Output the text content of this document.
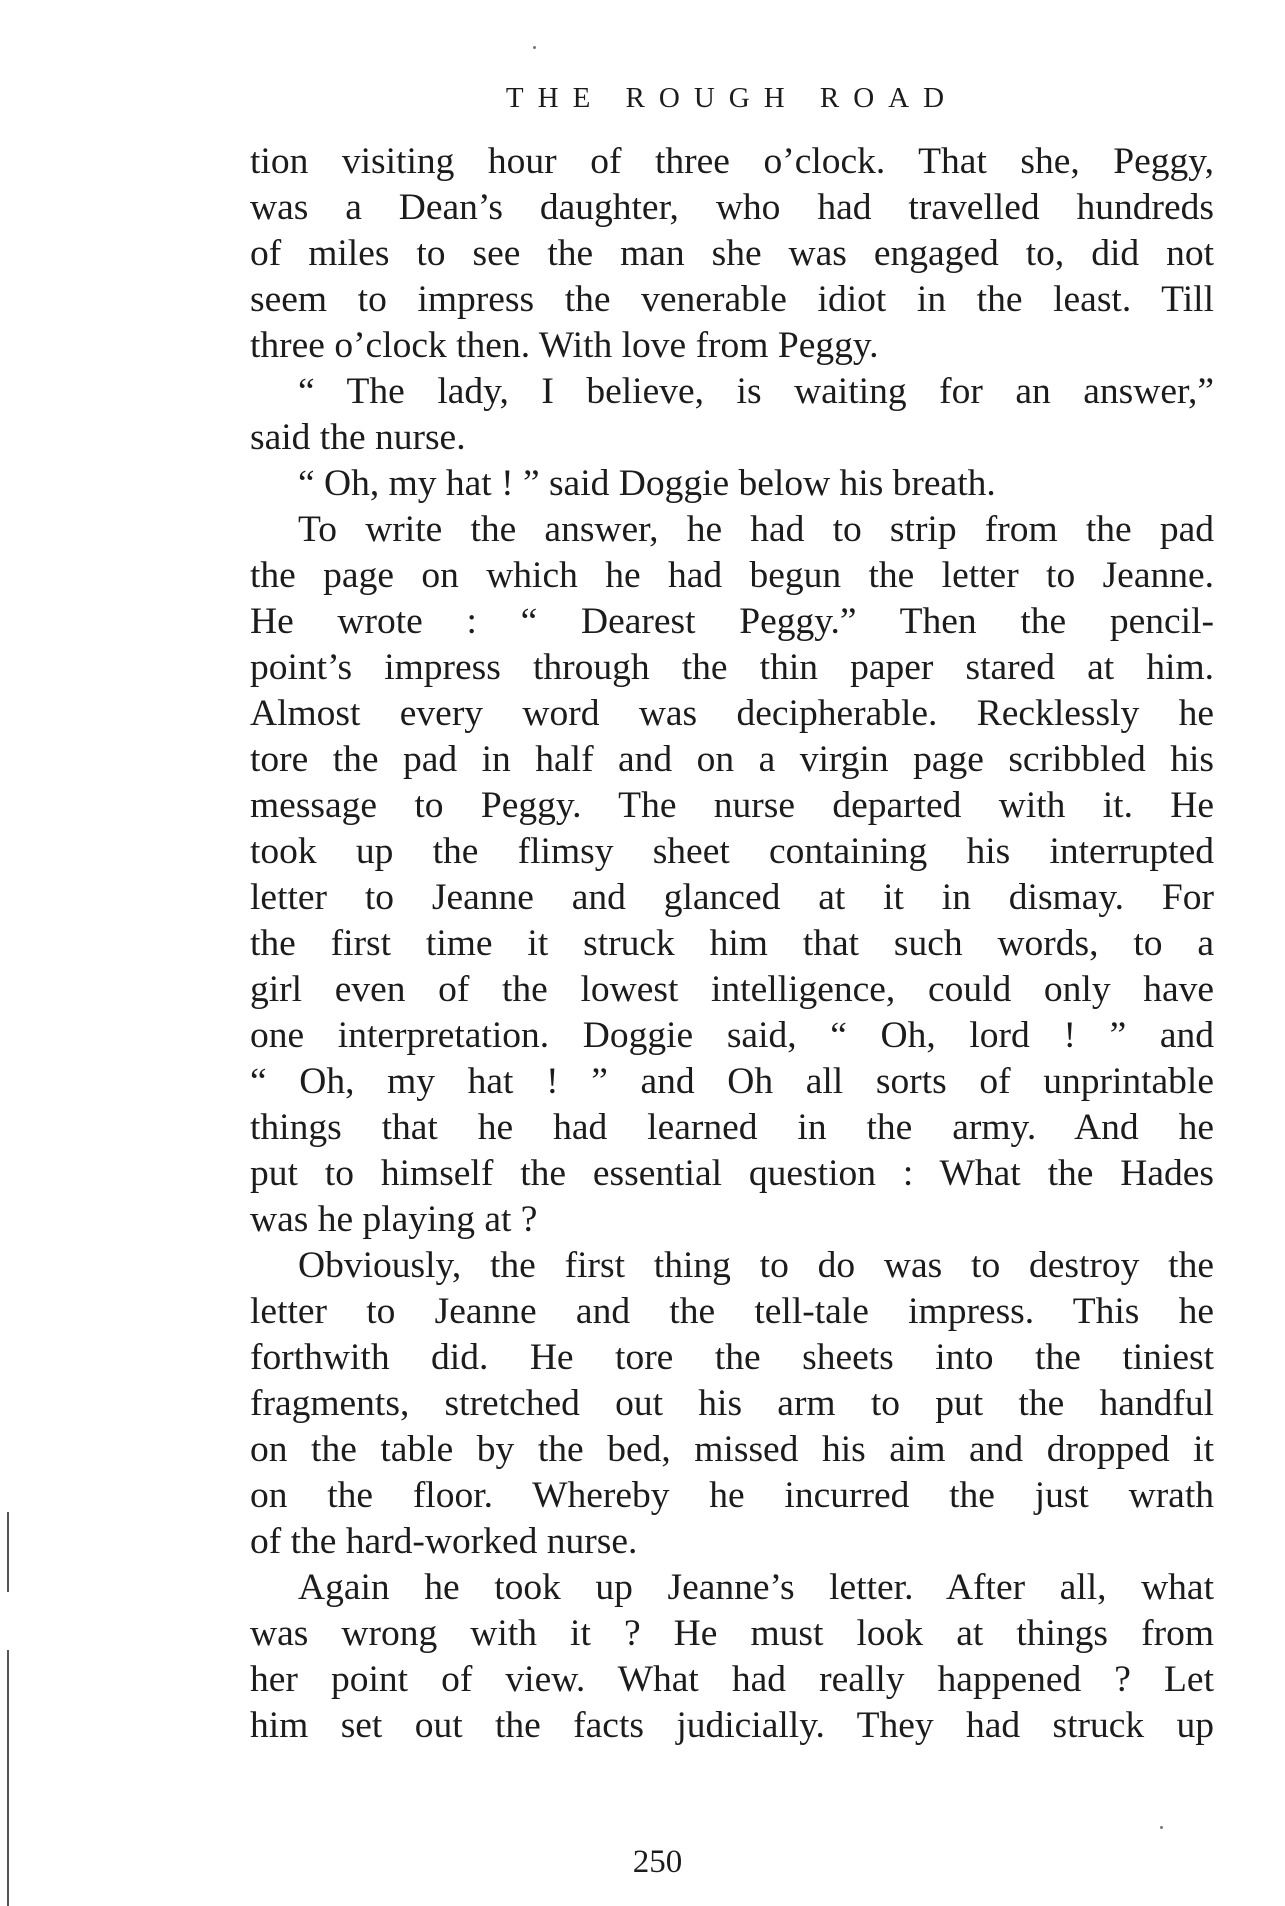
THE ROUGH ROAD
tion visiting hour of three o’clock. That she, Peggy,
was a Dean’s daughter, who had travelled hundreds
of miles to see the man she was engaged to, did not
seem to impress the venerable idiot in the least. Till
three o’clock then. With love from Peggy.
“ The lady, I believe, is waiting for an answer,”
said the nurse.
“ Oh, my hat ! ” said Doggie below his breath.
To write the answer, he had to strip from the pad
the page on which he had begun the letter to Jeanne.
He wrote : “ Dearest Peggy.” Then the pencil-
point’s impress through the thin paper stared at him.
Almost every word was decipherable. Recklessly he
tore the pad in half and on a virgin page scribbled his
message to Peggy. The nurse departed with it. He
took up the flimsy sheet containing his interrupted
letter to Jeanne and glanced at it in dismay. For
the first time it struck him that such words, to a
girl even of the lowest intelligence, could only have
one interpretation. Doggie said, “ Oh, lord ! ” and
“ Oh, my hat ! ” and Oh all sorts of unprintable
things that he had learned in the army. And he
put to himself the essential question : What the Hades
was he playing at ?
Obviously, the first thing to do was to destroy the
letter to Jeanne and the tell-tale impress. This he
forthwith did. He tore the sheets into the tiniest
fragments, stretched out his arm to put the handful
on the table by the bed, missed his aim and dropped it
on the floor. Whereby he incurred the just wrath
of the hard-worked nurse.
Again he took up Jeanne’s letter. After all, what
was wrong with it ? He must look at things from
her point of view. What had really happened ? Let
him set out the facts judicially. They had struck up
250
